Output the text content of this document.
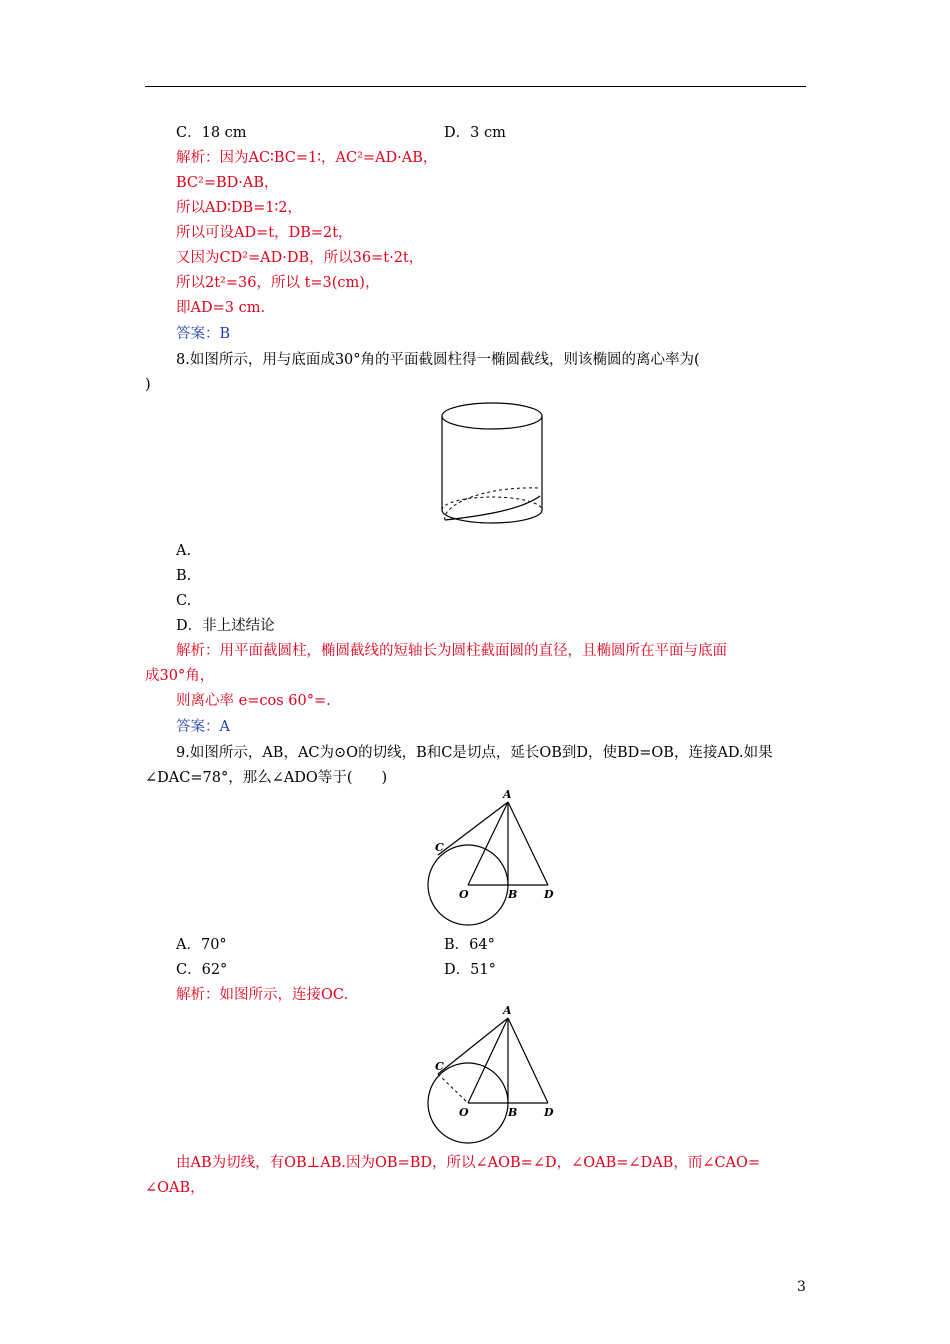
C．18 cm	D．3 cm
解析：因为AC∶BC=1∶，AC²=AD·AB，
BC²=BD·AB，
所以AD∶DB=1∶2，
所以可设AD=t，DB=2t，
又因为CD²=AD·DB，所以36=t·2t，
所以2t²=36，所以 t=3(cm)，
即AD=3 cm.
答案：B
8.如图所示，用与底面成30°角的平面截圆柱得一椭圆截线，则该椭圆的离心率为(
)
A.
B.
C.
D．非上述结论
解析：用平面截圆柱，椭圆截线的短轴长为圆柱截面圆的直径，且椭圆所在平面与底面
成30°角，
则离心率 e=cos 60°=.
答案：A
9.如图所示，AB，AC为⊙O的切线，B和C是切点，延长OB到D，使BD=OB，连接AD.如果
∠DAC=78°，那么∠ADO等于(　　)
A
C
O	B D
A．70°	B．64°
C．62°	D．51°
解析：如图所示，连接OC.
A
C
O	B D
由AB为切线，有OB⊥AB.因为OB=BD，所以∠AOB=∠D，∠OAB=∠DAB，而∠CAO=
∠OAB，
3
